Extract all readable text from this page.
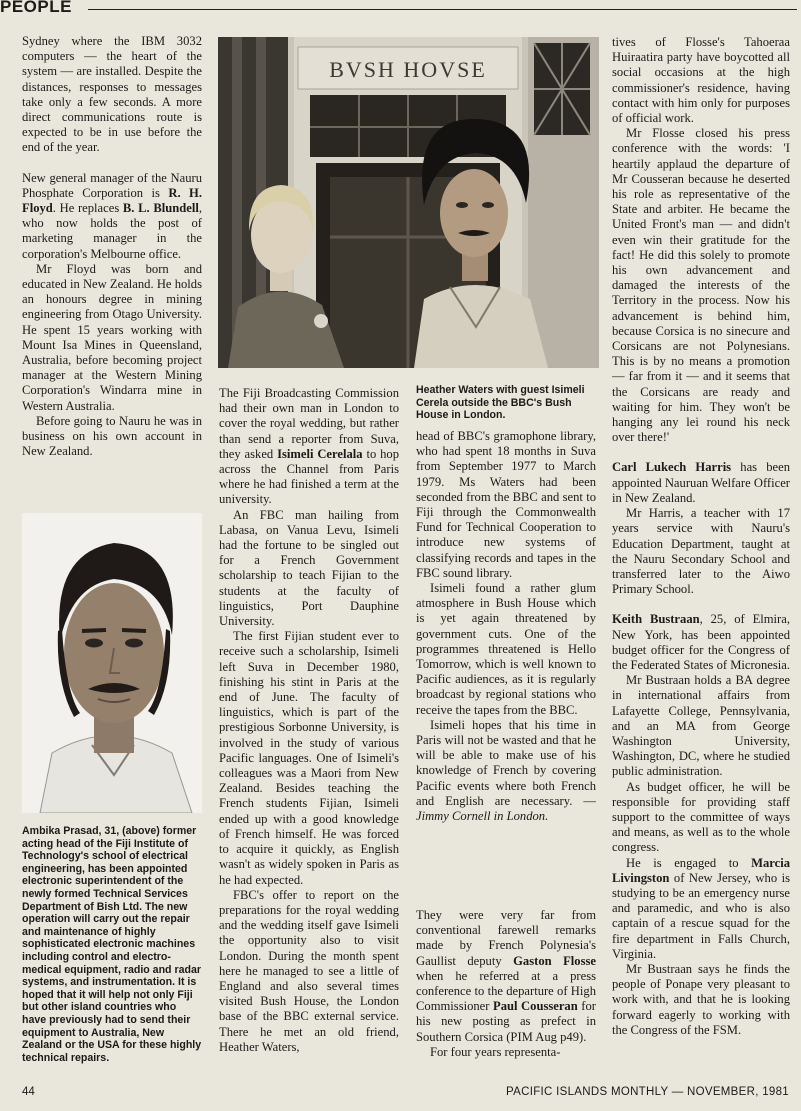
PEOPLE

Sydney where the IBM 3032 computers — the heart of the system — are installed. Despite the distances, responses to messages take only a few seconds. A more direct communications route is expected to be in use before the end of the year.

New general manager of the Nauru Phosphate Corporation is R. H. Floyd. He replaces B. L. Blundell, who now holds the post of marketing manager in the corporation's Melbourne office.

Mr Floyd was born and educated in New Zealand. He holds an honours degree in mining engineering from Otago University. He spent 15 years working with Mount Isa Mines in Queensland, Australia, before becoming project manager at the Western Mining Corporation's Windarra mine in Western Australia.

Before going to Nauru he was in business on his own account in New Zealand.

Ambika Prasad, 31, (above) former acting head of the Fiji Institute of Technology's school of electrical engineering, has been appointed electronic superintendent of the newly formed Technical Services Department of Bish Ltd. The new operation will carry out the repair and maintenance of highly sophisticated electronic machines including control and electro-medical equipment, radio and radar systems, and instrumentation. It is hoped that it will help not only Fiji but other island countries who have previously had to send their equipment to Australia, New Zealand or the USA for these highly technical repairs.
BVSH HOVSE
Heather Waters with guest Isimeli Cerela outside the BBC's Bush House in London.

The Fiji Broadcasting Commission had their own man in London to cover the royal wedding, but rather than send a reporter from Suva, they asked Isimeli Cerelala to hop across the Channel from Paris where he had finished a term at the university.

An FBC man hailing from Labasa, on Vanua Levu, Isimeli had the fortune to be singled out for a French Government scholarship to teach Fijian to the students at the faculty of linguistics, Port Dauphine University.

The first Fijian student ever to receive such a scholarship, Isimeli left Suva in December 1980, finishing his stint in Paris at the end of June. The faculty of linguistics, which is part of the prestigious Sorbonne University, is involved in the study of various Pacific languages. One of Isimeli's colleagues was a Maori from New Zealand. Besides teaching the French students Fijian, Isimeli ended up with a good knowledge of French himself. He was forced to acquire it quickly, as English wasn't as widely spoken in Paris as he had expected.

FBC's offer to report on the preparations for the royal wedding and the wedding itself gave Isimeli the opportunity also to visit London. During the month spent here he managed to see a little of England and also several times visited Bush House, the London base of the BBC external service. There he met an old friend, Heather Waters,

head of BBC's gramophone library, who had spent 18 months in Suva from September 1977 to March 1979. Ms Waters had been seconded from the BBC and sent to Fiji through the Commonwealth Fund for Technical Cooperation to introduce new systems of classifying records and tapes in the FBC sound library.

Isimeli found a rather glum atmosphere in Bush House which is yet again threatened by government cuts. One of the programmes threatened is Hello Tomorrow, which is well known to Pacific audiences, as it is regularly broadcast by regional stations who receive the tapes from the BBC.

Isimeli hopes that his time in Paris will not be wasted and that he will be able to make use of his knowledge of French by covering Pacific events where both French and English are necessary. — Jimmy Cornell in London.

They were very far from conventional farewell remarks made by French Polynesia's Gaullist deputy Gaston Flosse when he referred at a press conference to the departure of High Commissioner Paul Cousseran for his new posting as prefect in Southern Corsica (PIM Aug p49).

For four years representa-

tives of Flosse's Tahoeraa Huiraatira party have boycotted all social occasions at the high commissioner's residence, having contact with him only for purposes of official work.

Mr Flosse closed his press conference with the words: 'I heartily applaud the departure of Mr Cousseran because he deserted his role as representative of the State and arbiter. He became the United Front's man — and didn't even win their gratitude for the fact! He did this solely to promote his own advancement and damaged the interests of the Territory in the process. Now his advancement is behind him, because Corsica is no sinecure and Corsicans are not Polynesians. This is by no means a promotion — far from it — and it seems that the Corsicans are ready and waiting for him. They won't be hanging any lei round his neck over there!'

Carl Lukech Harris has been appointed Nauruan Welfare Officer in New Zealand.

Mr Harris, a teacher with 17 years service with Nauru's Education Department, taught at the Nauru Secondary School and transferred later to the Aiwo Primary School.

Keith Bustraan, 25, of Elmira, New York, has been appointed budget officer for the Congress of the Federated States of Micronesia.

Mr Bustraan holds a BA degree in international affairs from Lafayette College, Pennsylvania, and an MA from George Washington University, Washington, DC, where he studied public administration.

As budget officer, he will be responsible for providing staff support to the committee of ways and means, as well as to the whole congress.

He is engaged to Marcia Livingston of New Jersey, who is studying to be an emergency nurse and paramedic, and who is also captain of a rescue squad for the fire department in Falls Church, Virginia.

Mr Bustraan says he finds the people of Ponape very pleasant to work with, and that he is looking forward eagerly to working with the Congress of the FSM.

44	PACIFIC ISLANDS MONTHLY — NOVEMBER, 1981
